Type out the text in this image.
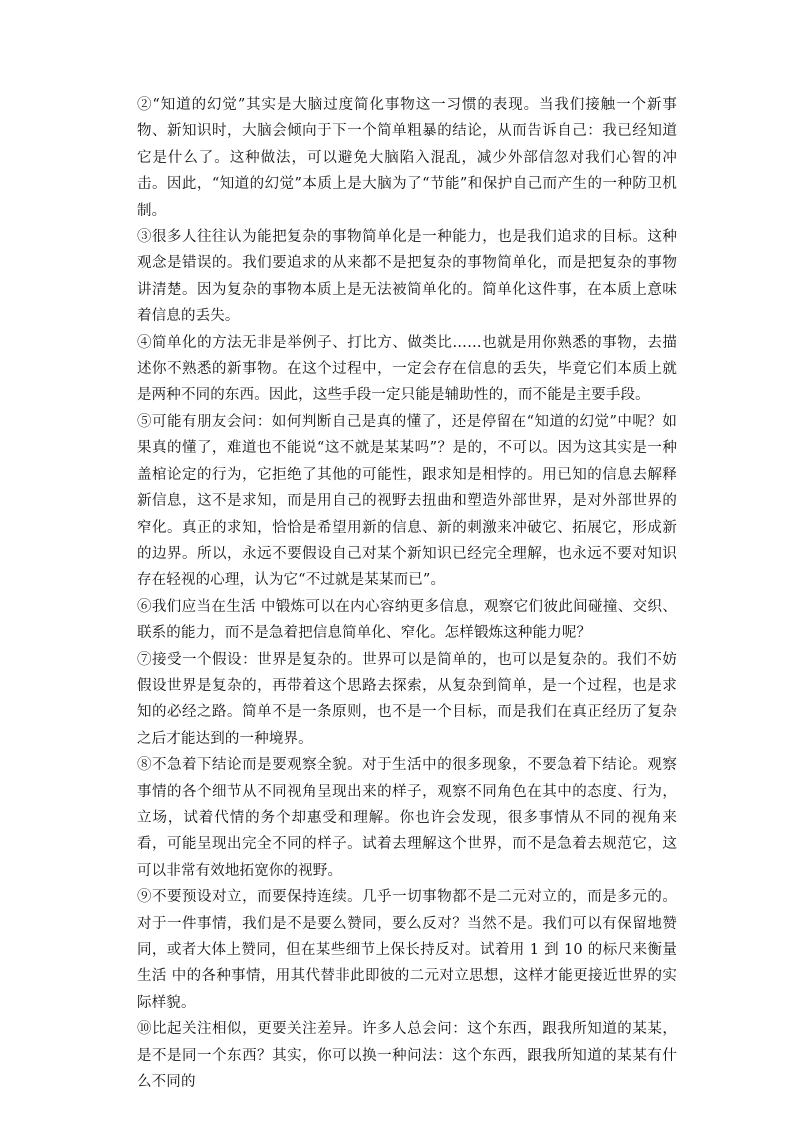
②“知道的幻觉”其实是大脑过度简化事物这一习惯的表现。当我们接触一个新事物、新知识时，大脑会倾向于下一个简单粗暴的结论，从而告诉自己：我已经知道它是什么了。这种做法，可以避免大脑陷入混乱，减少外部信忽对我们心智的冲击。因此，“知道的幻觉”本质上是大脑为了“节能”和保护自己而产生的一种防卫机制。

③很多人往往认为能把复杂的事物简单化是一种能力，也是我们追求的目标。这种观念是错误的。我们要追求的从来都不是把复杂的事物简单化，而是把复杂的事物讲清楚。因为复杂的事物本质上是无法被简单化的。简单化这件事，在本质上意味着信息的丢失。

④简单化的方法无非是举例子、打比方、做类比……也就是用你熟悉的事物，去描述你不熟悉的新事物。在这个过程中，一定会存在信息的丢失，毕竟它们本质上就是两种不同的东西。因此，这些手段一定只能是辅助性的，而不能是主要手段。

⑤可能有朋友会问：如何判断自己是真的懂了，还是停留在“知道的幻觉”中呢？如果真的懂了，难道也不能说“这不就是某某吗”？是的，不可以。因为这其实是一种盖棺论定的行为，它拒绝了其他的可能性，跟求知是相悖的。用已知的信息去解释新信息，这不是求知，而是用自己的视野去扭曲和塑造外部世界，是对外部世界的窄化。真正的求知，恰恰是希望用新的信息、新的刺激来冲破它、拓展它，形成新的边界。所以，永远不要假设自己对某个新知识已经完全理解，也永远不要对知识存在轻视的心理，认为它“不过就是某某而已”。

⑥我们应当在生活 中锻炼可以在内心容纳更多信息，观察它们彼此间碰撞、交织、联系的能力，而不是急着把信息简单化、窄化。怎样锻炼这种能力呢？

⑦接受一个假设：世界是复杂的。世界可以是简单的，也可以是复杂的。我们不妨假设世界是复杂的，再带着这个思路去探索，从复杂到简单，是一个过程，也是求知的必经之路。简单不是一条原则，也不是一个目标，而是我们在真正经历了复杂之后才能达到的一种境界。

⑧不急着下结论而是要观察全貌。对于生活中的很多现象，不要急着下结论。观察事情的各个细节从不同视角呈现出来的样子，观察不同角色在其中的态度、行为，立场，试着代情的务个却惠受和理解。你也许会发现，很多事情从不同的视角来看，可能呈现出完全不同的样子。试着去理解这个世界，而不是急着去规范它，这可以非常有效地拓宽你的视野。

⑨不要预设对立，而要保持连续。几乎一切事物都不是二元对立的，而是多元的。对于一件事情，我们是不是要么赞同，要么反对？当然不是。我们可以有保留地赞同，或者大体上赞同，但在某些细节上保长持反对。试着用 1 到 10 的标尺来衡量生活 中的各种事情，用其代替非此即彼的二元对立思想，这样才能更接近世界的实际样貌。

⑩比起关注相似，更要关注差异。许多人总会问：这个东西，跟我所知道的某某，是不是同一个东西？其实，你可以换一种问法：这个东西，跟我所知道的某某有什么不同的
